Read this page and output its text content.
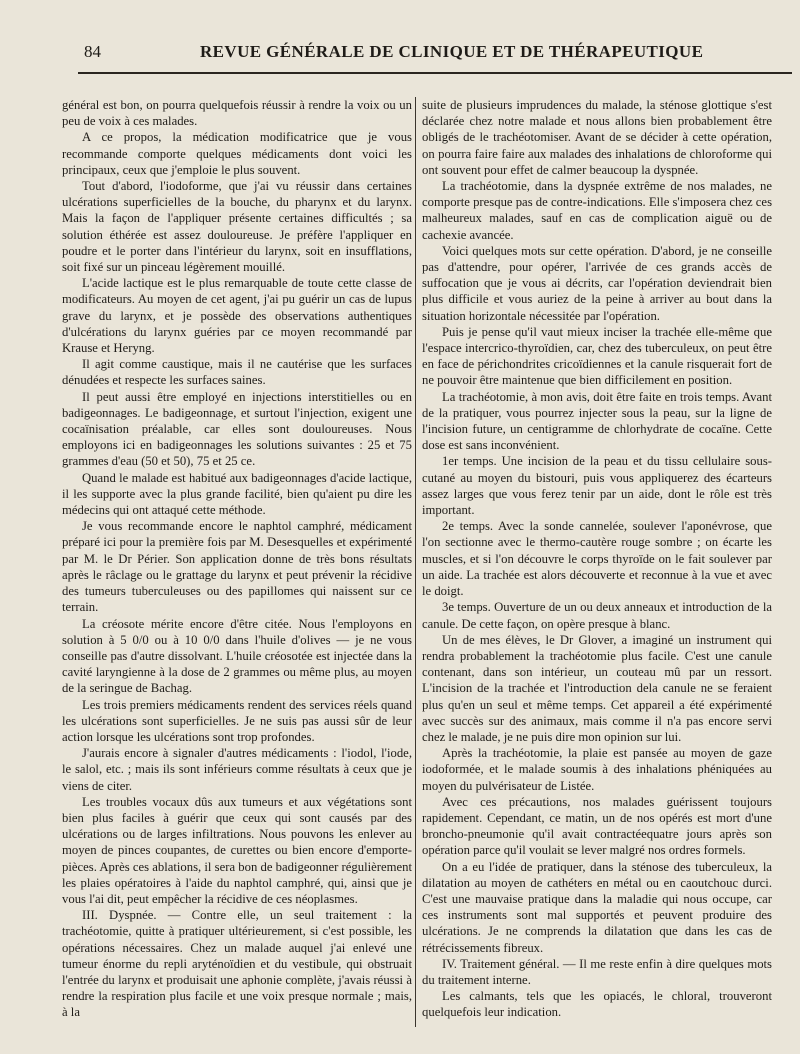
84	REVUE GÉNÉRALE DE CLINIQUE ET DE THÉRAPEUTIQUE

général est bon, on pourra quelquefois réussir à rendre la voix ou un peu de voix à ces malades.

A ce propos, la médication modificatrice que je vous recommande comporte quelques médicaments dont voici les principaux, ceux que j'emploie le plus souvent.

Tout d'abord, l'iodoforme, que j'ai vu réussir dans certaines ulcérations superficielles de la bouche, du pharynx et du larynx. Mais la façon de l'appliquer présente certaines difficultés ; sa solution éthérée est assez douloureuse. Je préfère l'appliquer en poudre et le porter dans l'intérieur du larynx, soit en insufflations, soit fixé sur un pinceau légèrement mouillé.

L'acide lactique est le plus remarquable de toute cette classe de modificateurs. Au moyen de cet agent, j'ai pu guérir un cas de lupus grave du larynx, et je possède des observations authentiques d'ulcérations du larynx guéries par ce moyen recommandé par Krause et Heryng.

Il agit comme caustique, mais il ne cautérise que les surfaces dénudées et respecte les surfaces saines.

Il peut aussi être employé en injections interstitielles ou en badigeonnages. Le badigeonnage, et surtout l'injection, exigent une cocaïnisation préalable, car elles sont douloureuses. Nous employons ici en badigeonnages les solutions suivantes : 25 et 75 grammes d'eau (50 et 50), 75 et 25 ce.

Quand le malade est habitué aux badigeonnages d'acide lactique, il les supporte avec la plus grande facilité, bien qu'aient pu dire les médecins qui ont attaqué cette méthode.

Je vous recommande encore le naphtol camphré, médicament préparé ici pour la première fois par M. Desesquelles et expérimenté par M. le Dr Périer. Son application donne de très bons résultats après le râclage ou le grattage du larynx et peut prévenir la récidive des tumeurs tuberculeuses ou des papillomes qui naissent sur ce terrain.

La créosote mérite encore d'être citée. Nous l'employons en solution à 5 0/0 ou à 10 0/0 dans l'huile d'olives — je ne vous conseille pas d'autre dissolvant. L'huile créosotée est injectée dans la cavité laryngienne à la dose de 2 grammes ou même plus, au moyen de la seringue de Bachag.

Les trois premiers médicaments rendent des services réels quand les ulcérations sont superficielles. Je ne suis pas aussi sûr de leur action lorsque les ulcérations sont trop profondes.

J'aurais encore à signaler d'autres médicaments : l'iodol, l'iode, le salol, etc. ; mais ils sont inférieurs comme résultats à ceux que je viens de citer.

Les troubles vocaux dûs aux tumeurs et aux végétations sont bien plus faciles à guérir que ceux qui sont causés par des ulcérations ou de larges infiltrations. Nous pouvons les enlever au moyen de pinces coupantes, de curettes ou bien encore d'emporte-pièces. Après ces ablations, il sera bon de badigeonner régulièrement les plaies opératoires à l'aide du naphtol camphré, qui, ainsi que je vous l'ai dit, peut empêcher la récidive de ces néoplasmes.

III. Dyspnée. — Contre elle, un seul traitement : la trachéotomie, quitte à pratiquer ultérieurement, si c'est possible, les opérations nécessaires. Chez un malade auquel j'ai enlevé une tumeur énorme du repli aryténoïdien et du vestibule, qui obstruait l'entrée du larynx et produisait une aphonie complète, j'avais réussi à rendre la respiration plus facile et une voix presque normale ; mais, à la

suite de plusieurs imprudences du malade, la sténose glottique s'est déclarée chez notre malade et nous allons bien probablement être obligés de le trachéotomiser. Avant de se décider à cette opération, on pourra faire faire aux malades des inhalations de chloroforme qui ont souvent pour effet de calmer beaucoup la dyspnée.

La trachéotomie, dans la dyspnée extrême de nos malades, ne comporte presque pas de contre-indications. Elle s'imposera chez ces malheureux malades, sauf en cas de complication aiguë ou de cachexie avancée.

Voici quelques mots sur cette opération. D'abord, je ne conseille pas d'attendre, pour opérer, l'arrivée de ces grands accès de suffocation que je vous ai décrits, car l'opération deviendrait bien plus difficile et vous auriez de la peine à arriver au bout dans la situation horizontale nécessitée par l'opération.

Puis je pense qu'il vaut mieux inciser la trachée elle-même que l'espace intercrico-thyroïdien, car, chez des tuberculeux, on peut être en face de périchondrites cricoïdiennes et la canule risquerait fort de ne pouvoir être maintenue que bien difficilement en position.

La trachéotomie, à mon avis, doit être faite en trois temps. Avant de la pratiquer, vous pourrez injecter sous la peau, sur la ligne de l'incision future, un centigramme de chlorhydrate de cocaïne. Cette dose est sans inconvénient.

1er temps. Une incision de la peau et du tissu cellulaire sous-cutané au moyen du bistouri, puis vous appliquerez des écarteurs assez larges que vous ferez tenir par un aide, dont le rôle est très important.

2e temps. Avec la sonde cannelée, soulever l'aponévrose, que l'on sectionne avec le thermo-cautère rouge sombre ; on écarte les muscles, et si l'on découvre le corps thyroïde on le fait soulever par un aide. La trachée est alors découverte et reconnue à la vue et avec le doigt.

3e temps. Ouverture de un ou deux anneaux et introduction de la canule. De cette façon, on opère presque à blanc.

Un de mes élèves, le Dr Glover, a imaginé un instrument qui rendra probablement la trachéotomie plus facile. C'est une canule contenant, dans son intérieur, un couteau mû par un ressort. L'incision de la trachée et l'introduction dela canule ne se feraient plus qu'en un seul et même temps. Cet appareil a été expérimenté avec succès sur des animaux, mais comme il n'a pas encore servi chez le malade, je ne puis dire mon opinion sur lui.

Après la trachéotomie, la plaie est pansée au moyen de gaze iodoformée, et le malade soumis à des inhalations phéniquées au moyen du pulvérisateur de Listée.

Avec ces précautions, nos malades guérissent toujours rapidement. Cependant, ce matin, un de nos opérés est mort d'une broncho-pneumonie qu'il avait contractéequatre jours après son opération parce qu'il voulait se lever malgré nos ordres formels.

On a eu l'idée de pratiquer, dans la sténose des tuberculeux, la dilatation au moyen de cathéters en métal ou en caoutchouc durci. C'est une mauvaise pratique dans la maladie qui nous occupe, car ces instruments sont mal supportés et peuvent produire des ulcérations. Je ne comprends la dilatation que dans les cas de rétrécissements fibreux.

IV. Traitement général. — Il me reste enfin à dire quelques mots du traitement interne.

Les calmants, tels que les opiacés, le chloral, trouveront quelquefois leur indication.
